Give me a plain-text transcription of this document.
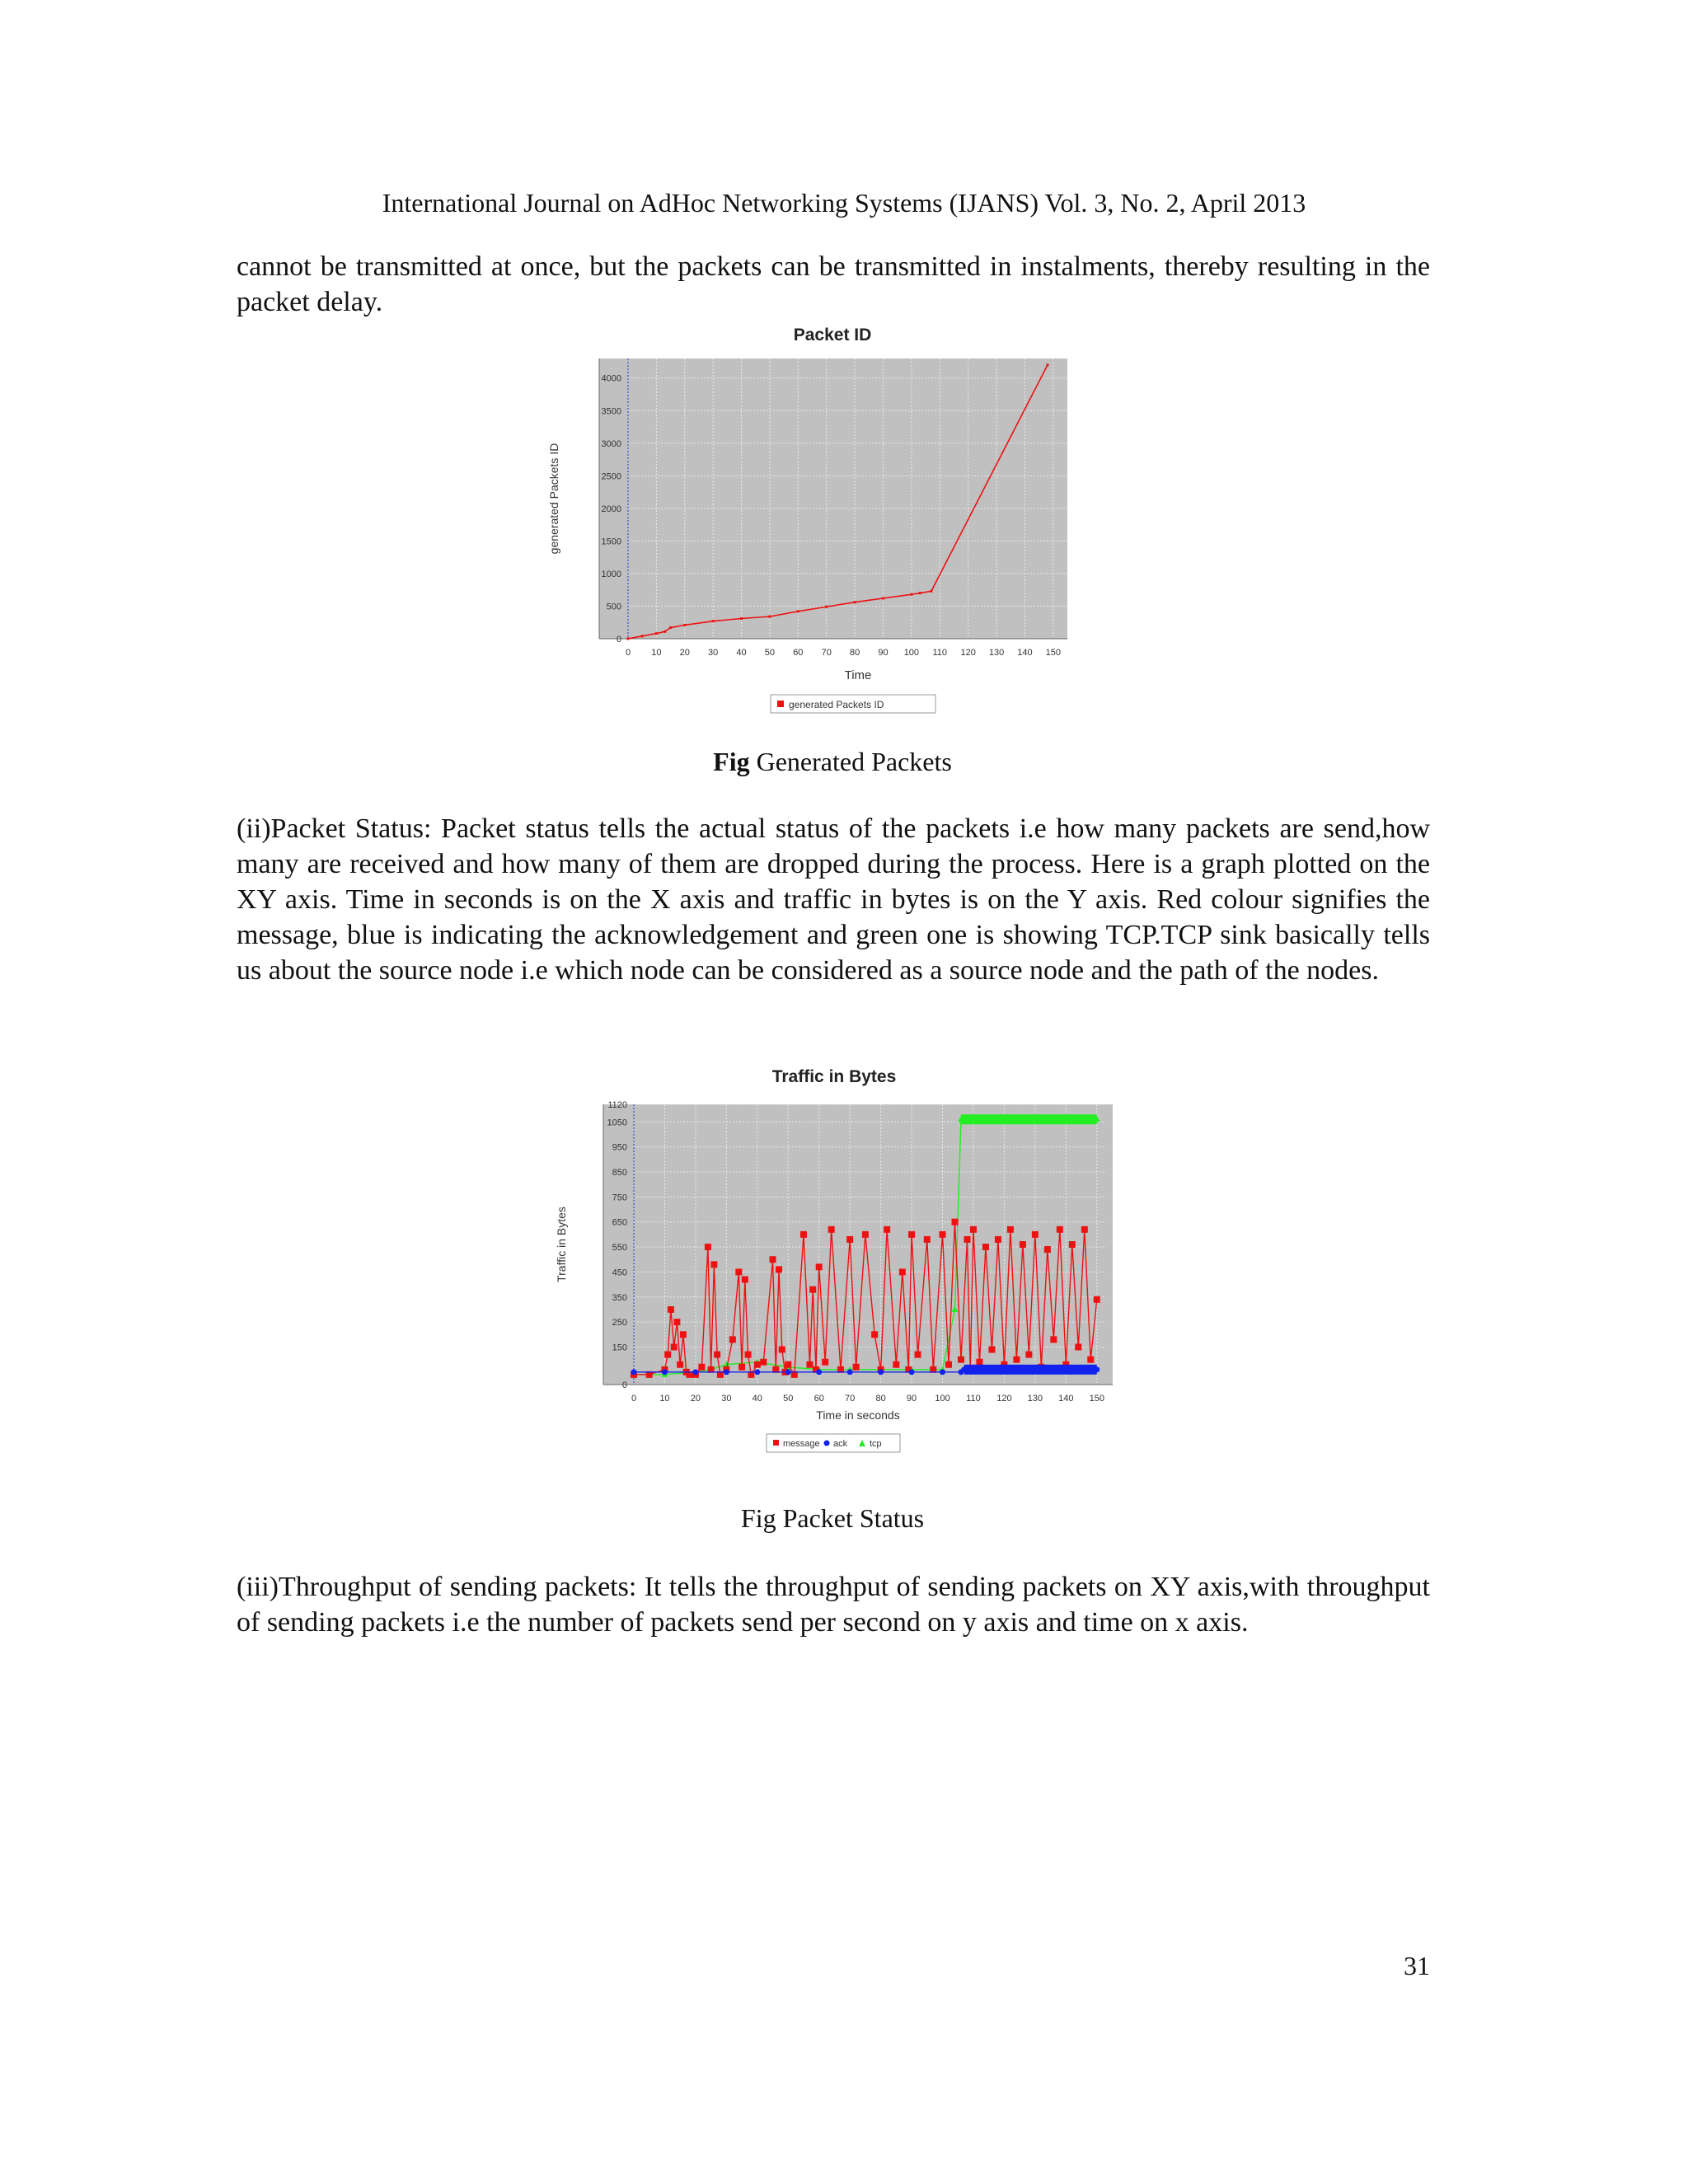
International Journal on AdHoc Networking Systems (IJANS) Vol. 3, No. 2, April 2013

cannot be transmitted at once, but the packets can be transmitted in instalments, thereby resulting in the packet delay.

Packet ID
0 10 20 30 40 50 60 70 80 90 100 110 120 130 140 150
0
500
1000
1500
2000
2500
3000
3500
4000
Time
generated Packets ID
generated Packets ID
Fig Generated Packets

(ii)Packet Status: Packet status tells the actual status of the packets i.e how many packets are send,how many are received and how many of them are dropped during the process. Here is a graph plotted on the XY axis. Time in seconds is on the X axis and traffic in bytes is on the Y axis. Red colour signifies the message, blue is indicating the acknowledgement and green one is showing TCP.TCP sink basically tells us about the source node i.e which node can be considered as a source node and the path of the nodes.

Traffic in Bytes
0	10 20 30 40 50 60 70 80 90 100 110 120 130 140 150
0
150
250
350
450
550
650
750
850
950
1050
1120
Time in seconds
Traffic in Bytes
message ack tcp
Fig Packet Status

(iii)Throughput of sending packets: It tells the throughput of sending packets on XY axis,with throughput of sending packets i.e the number of packets send per second on y axis and time on x axis.

31
